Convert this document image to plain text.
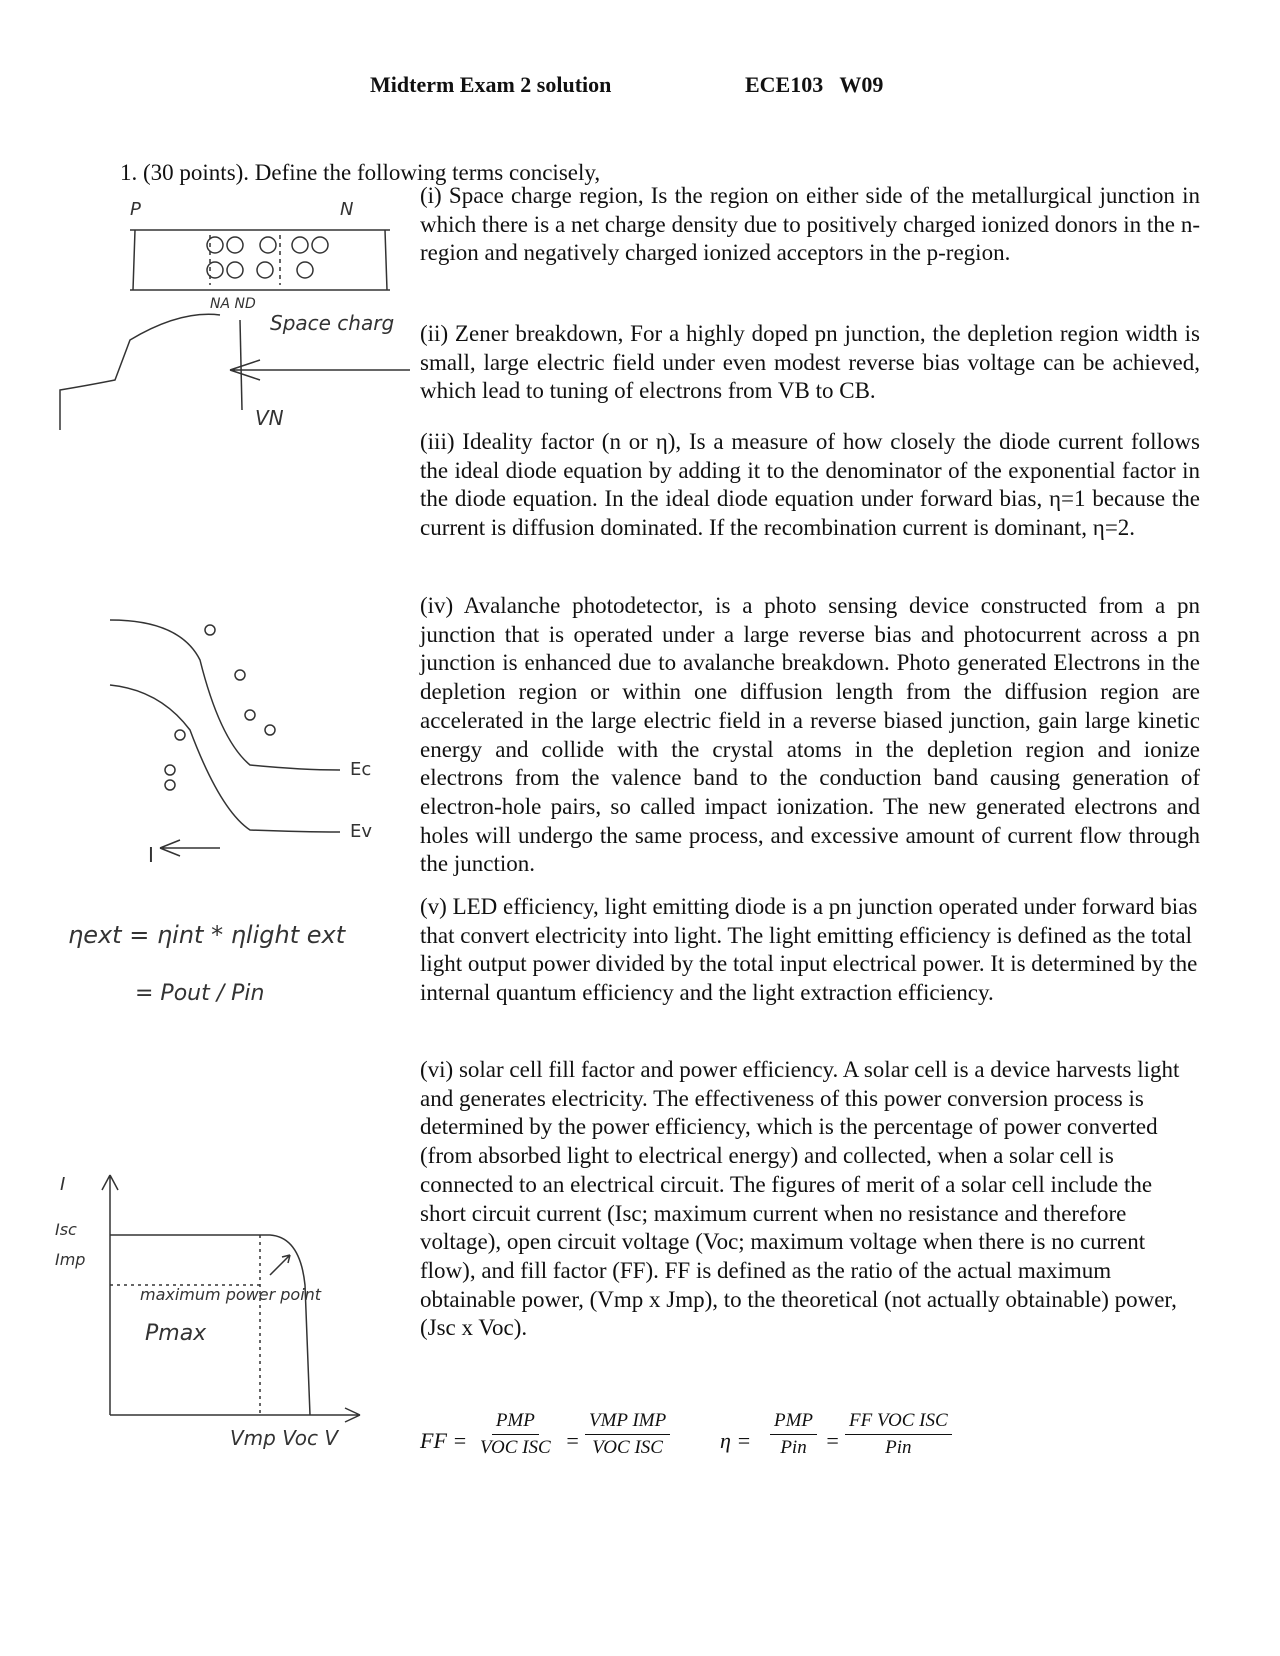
Midterm Exam 2 solution	ECE103   W09
1. (30 points). Define the following terms concisely,
(i) Space charge region, Is the region on either side of the metallurgical junction in which there is a net charge density due to positively charged ionized donors in the n-region and negatively charged ionized acceptors in the p-region.
(ii) Zener breakdown, For a highly doped pn junction, the depletion region width is small, large electric field under even modest reverse bias voltage can be achieved, which lead to tuning of electrons from VB to CB.
(iii) Ideality factor (n or η), Is a measure of how closely the diode current follows the ideal diode equation by adding it to the denominator of the exponential factor in the diode equation. In the ideal diode equation under forward bias, η=1 because the current is diffusion dominated. If the recombination current is dominant, η=2.
(iv) Avalanche photodetector, is a photo sensing device constructed from a pn junction that is operated under a large reverse bias and photocurrent across a pn junction is enhanced due to avalanche breakdown. Photo generated Electrons in the depletion region or within one diffusion length from the diffusion region are accelerated in the large electric field in a reverse biased junction, gain large kinetic energy and collide with the crystal atoms in the depletion region and ionize electrons from the valence band to the conduction band causing generation of electron-hole pairs, so called impact ionization. The new generated electrons and holes will undergo the same process, and excessive amount of current flow through the junction.
(v) LED efficiency, light emitting diode is a pn junction operated under forward bias that convert electricity into light. The light emitting efficiency is defined as the total light output power divided by the total input electrical power. It is determined by the internal quantum efficiency and the light extraction efficiency.
(vi) solar cell fill factor and power efficiency. A solar cell is a device harvests light and generates electricity. The effectiveness of this power conversion process is determined by the power efficiency, which is the percentage of power converted (from absorbed light to electrical energy) and collected, when a solar cell is connected to an electrical circuit. The figures of merit of a solar cell include the short circuit current (Isc; maximum current when no resistance and therefore voltage), open circuit voltage (Voc; maximum voltage when there is no current flow), and fill factor (FF). FF is defined as the ratio of the actual maximum obtainable power, (Vmp x Jmp), to the theoretical (not actually obtainable) power, (Jsc x Voc).
P	N
NA ND
Space charg
VN
Ec
Ev
I
ηext = ηint * ηlight ext
= Pout / Pin
I
Isc
Imp
maximum power point
Pmax
Vmp Voc V	FF =
PMP
VOC ISC =
VMP IMP
VOC ISC	η =
PMP
Pin =
FF VOC ISC
Pin
